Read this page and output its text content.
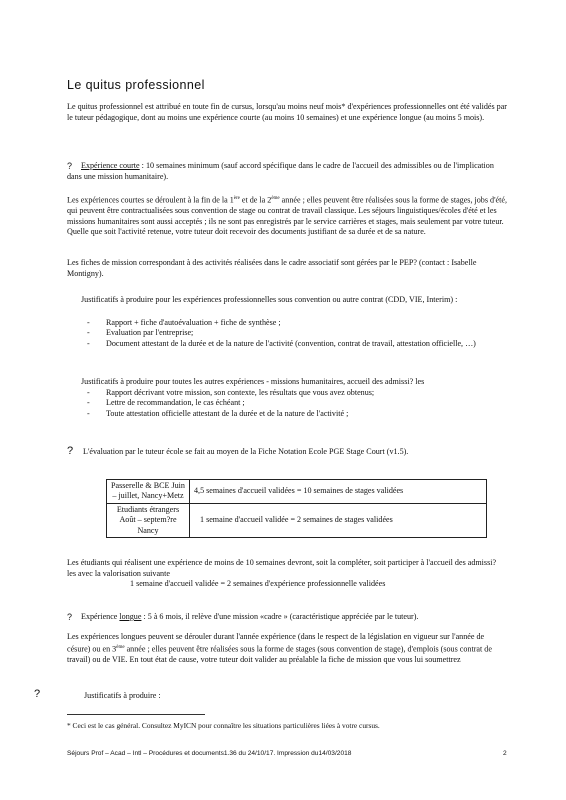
Le quitus professionnel

Le quitus professionnel est attribué en toute fin de cursus, lorsqu'au moins neuf mois* d'expériences professionnelles ont été validés par le tuteur pédagogique, dont au moins une expérience courte (au moins 10 semaines) et une expérience longue (au moins 5 mois).

?	Expérience courte : 10 semaines minimum (sauf accord spécifique dans le cadre de l'accueil des admissibles ou de l'implication dans une mission humanitaire).

Les expériences courtes se déroulent à la fin de la 1ère et de la 2ème année ; elles peuvent être réalisées sous la forme de stages, jobs d'été, qui peuvent être contractualisées sous convention de stage ou contrat de travail classique. Les séjours linguistiques/écoles d'été et les missions humanitaires sont aussi acceptés ; ils ne sont pas enregistrés par le service carrières et stages, mais seulement par votre tuteur. Quelle que soit l'activité retenue, votre tuteur doit recevoir des documents justifiant de sa durée et de sa nature.

Les fiches de mission correspondant à des activités réalisées dans le cadre associatif sont gérées par le PEP? (contact : Isabelle Montigny).

Justificatifs à produire pour les expériences professionnelles sous convention ou autre contrat (CDD, VIE, Interim) :

- Rapport + fiche d'autoévaluation + fiche de synthèse ;
- Evaluation par l'entreprise;
- Document attestant de la durée et de la nature de l'activité (convention, contrat de travail, attestation officielle, …)

Justificatifs à produire pour toutes les autres expériences - missions humanitaires, accueil des admissi? les

- Rapport décrivant votre mission, son contexte, les résultats que vous avez obtenus;
- Lettre de recommandation, le cas échéant ;
- Toute attestation officielle attestant de la durée et de la nature de l'activité ;
? L'évaluation par le tuteur école se fait au moyen de la Fiche Notation Ecole PGE Stage Court (v1.5).

Passerelle & BCE Juin – juillet, Nancy+Metz	4,5 semaines d'accueil validées = 10 semaines de stages validées
Etudiants étrangers Août – septem?re Nancy	1 semaine d'accueil validée = 2 semaines de stages validées

Les étudiants qui réalisent une expérience de moins de 10 semaines devront, soit la compléter, soit participer à l'accueil des admissi? les avec la valorisation suivante

1 semaine d'accueil validée = 2 semaines d'expérience professionnelle validées

?	Expérience longue : 5 à 6 mois, il relève d'une mission «cadre » (caractéristique appréciée par le tuteur).

Les expériences longues peuvent se dérouler durant l'année expérience (dans le respect de la législation en vigueur sur l'année de césure) ou en 3ème année ; elles peuvent être réalisées sous la forme de stages (sous convention de stage), d'emplois (sous contrat de travail) ou de VIE. En tout état de cause, votre tuteur doit valider au préalable la fiche de mission que vous lui soumettrez

?	Justificatifs à produire :

* Ceci est le cas général. Consultez MyICN pour connaître les situations particulières liées à votre cursus.

Séjours Prof – Acad – Intl – Procédures et documents1.36 du 24/10/17. Impression du14/03/2018	2
